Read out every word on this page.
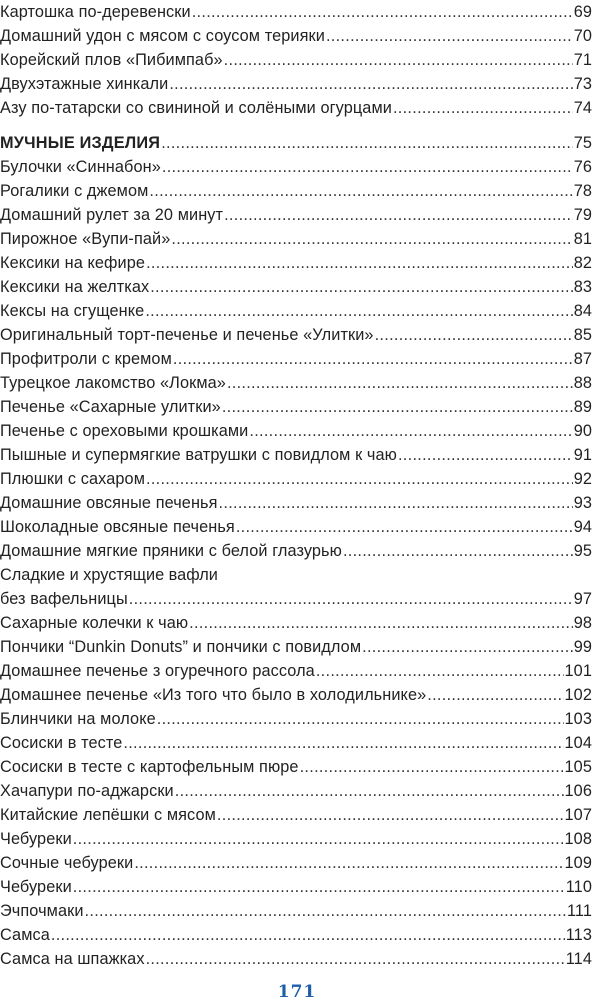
Картошка по-деревенски .....	69
Домашний удон с мясом с соусом терияки .....	70
Корейский плов «Пибимпаб» .....	71
Двухэтажные хинкали .....	73
Азу по-татарски со свининой и солёными огурцами .....	74
МУЧНЫЕ ИЗДЕЛИЯ .....	75
Булочки «Синнабон» .....	76
Рогалики с джемом .....	78
Домашний рулет за 20 минут .....	79
Пирожное «Вупи-пай» .....	81
Кексики на кефире .....	82
Кексики на желтках .....	83
Кексы на сгущенке .....	84
Оригинальный торт-печенье и печенье «Улитки» .....	85
Профитроли с кремом .....	87
Турецкое лакомство «Локма» .....	88
Печенье «Сахарные улитки» .....	89
Печенье с ореховыми крошками .....	90
Пышные и супермягкие ватрушки с повидлом к чаю .....	91
Плюшки с сахаром .....	92
Домашние овсяные печенья .....	93
Шоколадные овсяные печенья .....	94
Домашние мягкие пряники с белой глазурью .....	95
Сладкие и хрустящие вафли
без вафельницы .....	97
Сахарные колечки к чаю .....	98
Пончики “Dunkin Donuts” и пончики с повидлом .....	99
Домашнее печенье з огуречного рассола .....	101
Домашнее печенье «Из того что было в холодильнике» .....	102
Блинчики на молоке .....	103
Сосиски в тесте .....	104
Сосиски в тесте с картофельным пюре .....	105
Хачапури по-аджарски .....	106
Китайские лепёшки с мясом .....	107
Чебуреки .....	108
Сочные чебуреки .....	109
Чебуреки .....	110
Эчпочмаки .....	111
Самса .....	113
Самса на шпажках .....	114
171
